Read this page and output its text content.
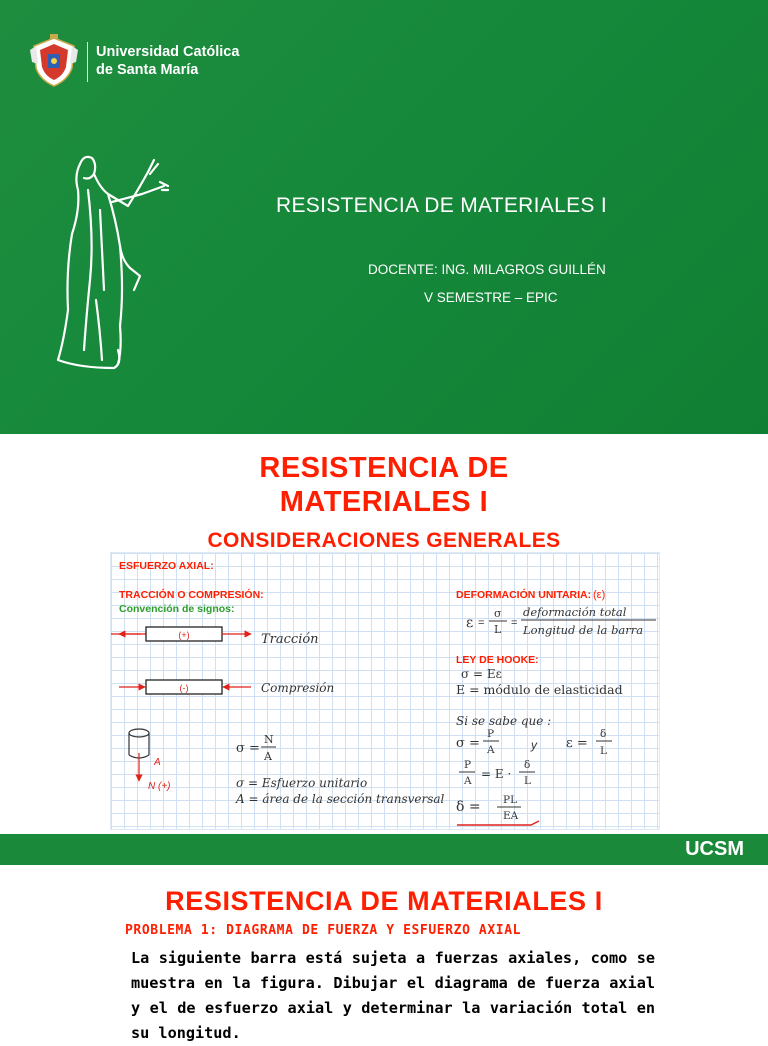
Universidad Católica
de Santa María
RESISTENCIA DE MATERIALES I
DOCENTE: ING. MILAGROS GUILLÉN
V SEMESTRE – EPIC
RESISTENCIA DE
MATERIALES I
CONSIDERACIONES GENERALES
ESFUERZO AXIAL:
TRACCIÓN O COMPRESIÓN:
Convención de signos:
(+)	Tracción
(-)	Compresión
A
N (+)
σ =
N
A
σ = Esfuerzo unitario
A = área de la sección transversal
DEFORMACIÓN UNITARIA: (ε)
ε =
σ
L =
deformación total
Longitud de la barra
LEY DE HOOKE:
σ = Eε
E = módulo de elasticidad
Si se sabe que :
σ =
P
A	y ε =
δ
L
P
A = E ·
δ
L
δ = PL
EA
UCSM
RESISTENCIA DE MATERIALES I
PROBLEMA 1: DIAGRAMA DE FUERZA Y ESFUERZO AXIAL
La siguiente barra está sujeta a fuerzas axiales, como se muestra en la figura. Dibujar el diagrama de fuerza axial y el de esfuerzo axial y determinar la variación total en su longitud.
